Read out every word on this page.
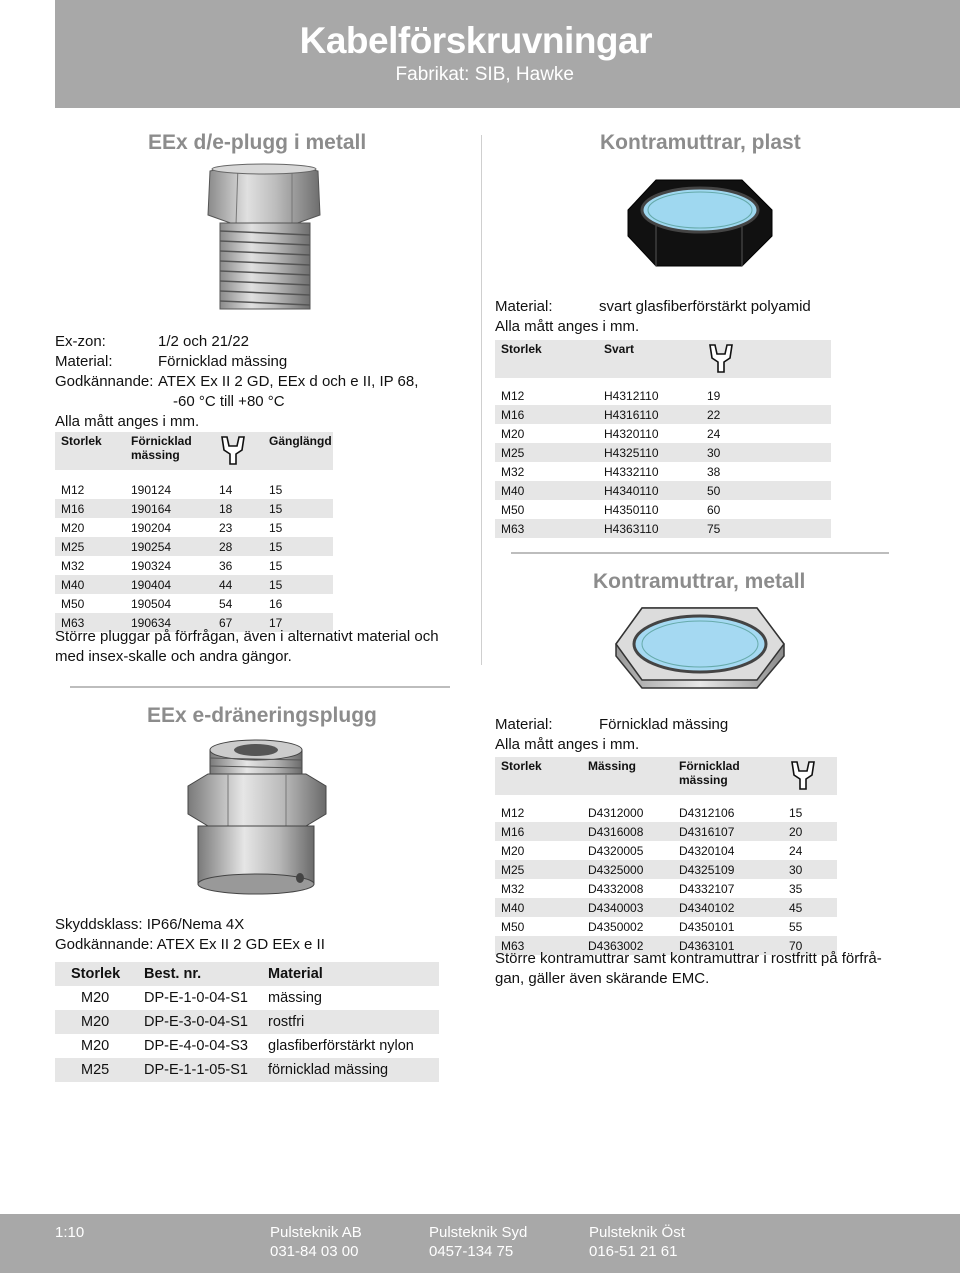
Kabelförskruvningar
Fabrikat: SIB, Hawke
EEx d/e-plugg i metall
Ex-zon:	1/2 och 21/22
Material:	Förnicklad mässing
Godkännande: ATEX Ex II 2 GD, EEx d och e II, IP 68,
-60 °C till +80 °C
Alla mått anges i mm.
Storlek	Förnicklad
mässing		Gänglängd

M12	190124	14	15
M16	190164	18	15
M20	190204	23	15
M25	190254	28	15
M32	190324	36	15
M40	190404	44	15
M50	190504	54	16
M63	190634	67	17
Större pluggar på förfrågan, även i alternativt material och
med insex-skalle och andra gängor.
Kontramuttrar, plast
Material:	svart glasfiberförstärkt polyamid
Alla mått anges i mm.
Storlek	Svart	

M12	H4312110	19
M16	H4316110	22
M20	H4320110	24
M25	H4325110	30
M32	H4332110	38
M40	H4340110	50
M50	H4350110	60
M63	H4363110	75
Kontramuttrar, metall
Material:	Förnicklad mässing
Alla mått anges i mm.
Storlek	Mässing	Förnicklad
mässing

M12	D4312000	D4312106	15
M16	D4316008	D4316107	20
M20	D4320005	D4320104	24
M25	D4325000	D4325109	30
M32	D4332008	D4332107	35
M40	D4340003	D4340102	45
M50	D4350002	D4350101	55
M63	D4363002	D4363101	70
Större kontramuttrar samt kontramuttrar i rostfritt på förfrå-
gan, gäller även skärande EMC.
EEx e-dräneringsplugg
Skyddsklass: IP66/Nema 4X
Godkännande: ATEX Ex II 2 GD EEx e II
Storlek	Best. nr.	Material
M20	DP-E-1-0-04-S1	mässing
M20	DP-E-3-0-04-S1	rostfri
M20	DP-E-4-0-04-S3	glasfiberförstärkt nylon
M25	DP-E-1-1-05-S1	förnicklad mässing
1:10	Pulsteknik AB
031-84 03 00
Pulsteknik Syd
0457-134 75
Pulsteknik Öst
016-51 21 61
